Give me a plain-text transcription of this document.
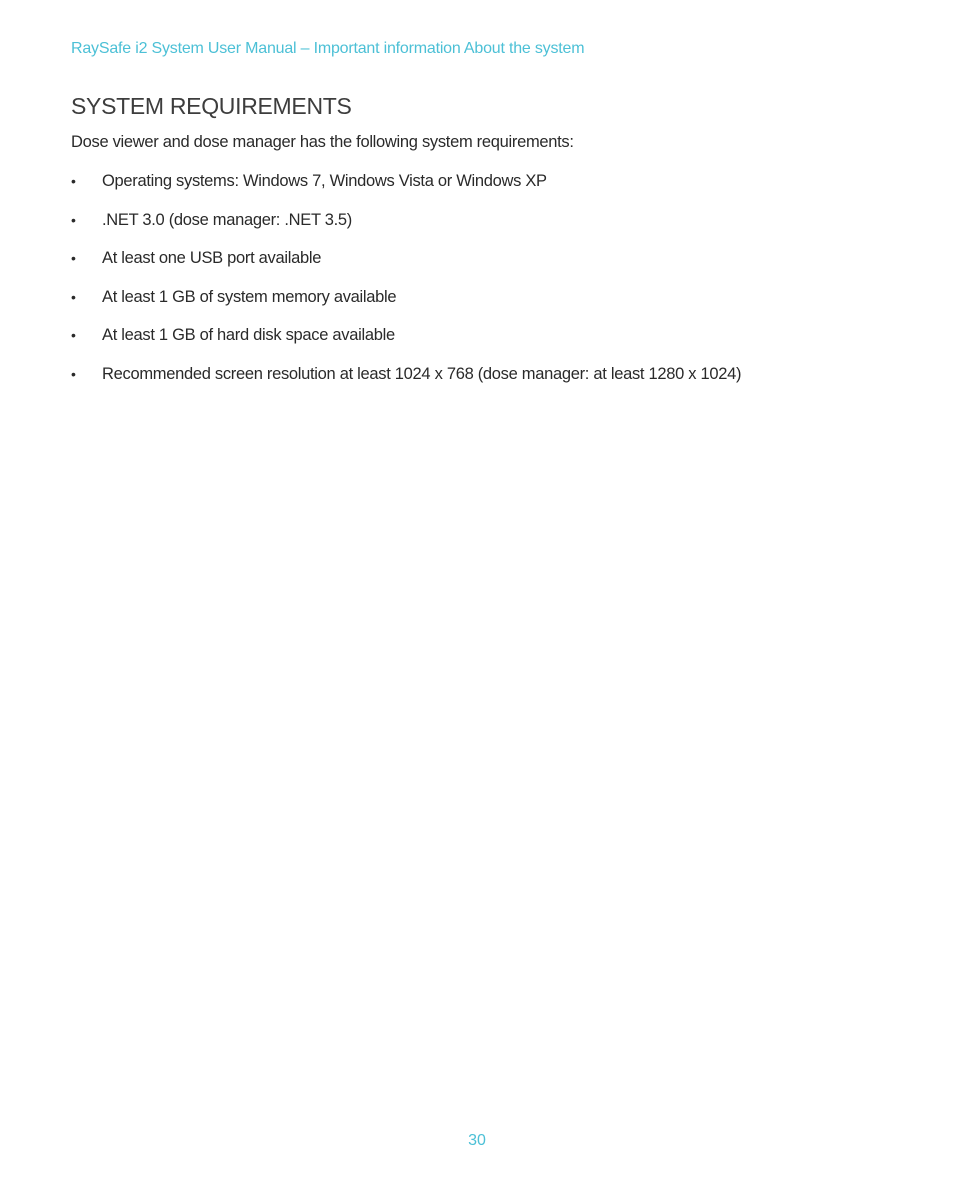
RaySafe i2 System User Manual – Important information About the system
SYSTEM REQUIREMENTS

Dose viewer and dose manager has the following system requirements:

• Operating systems: Windows 7, Windows Vista or Windows XP
• .NET 3.0 (dose manager: .NET 3.5)
• At least one USB port available
• At least 1 GB of system memory available
• At least 1 GB of hard disk space available
• Recommended screen resolution at least 1024 x 768 (dose manager: at least 1280 x 1024)
30
